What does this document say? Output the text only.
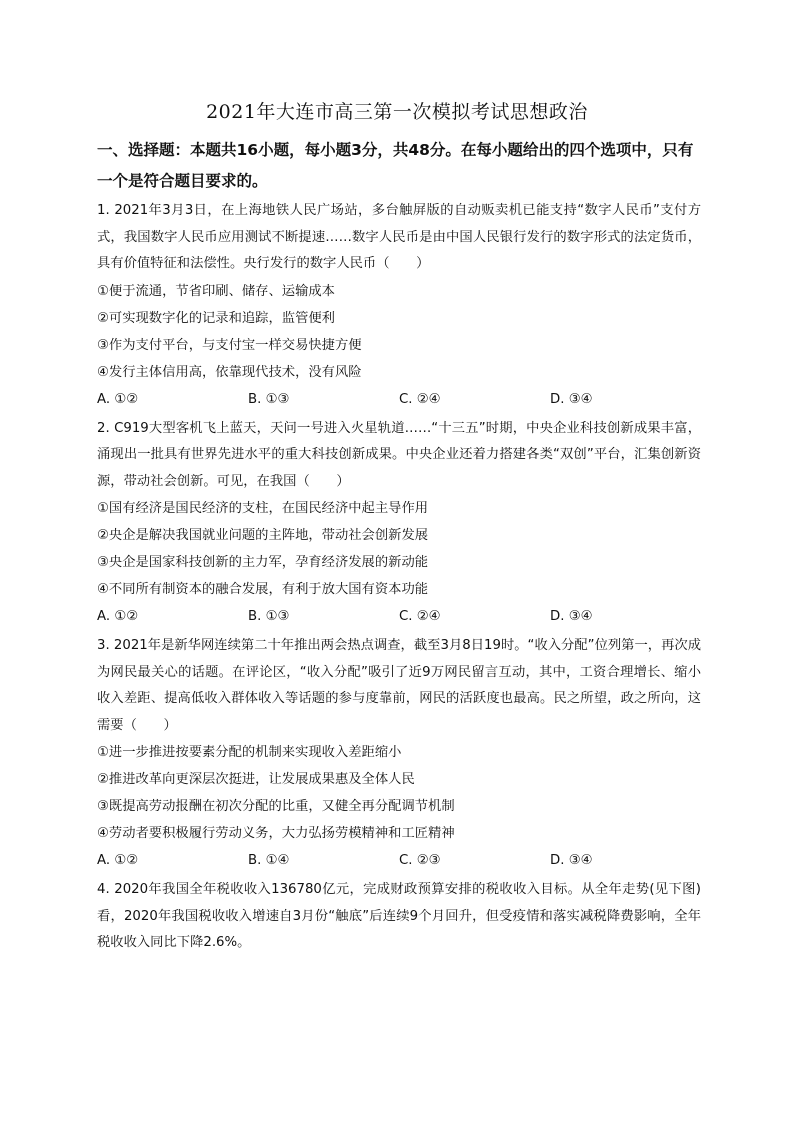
2021年大连市高三第一次模拟考试思想政治
一、选择题：本题共16小题，每小题3分，共48分。在每小题给出的四个选项中，只有一个是符合题目要求的。

1. 2021年3月3日，在上海地铁人民广场站，多台触屏版的自动贩卖机已能支持“数字人民币”支付方式，我国数字人民币应用测试不断提速……数字人民币是由中国人民银行发行的数字形式的法定货币，具有价值特征和法偿性。央行发行的数字人民币（　　）

①便于流通，节省印刷、储存、运输成本

②可实现数字化的记录和追踪，监管便利

③作为支付平台，与支付宝一样交易快捷方便

④发行主体信用高，依靠现代技术，没有风险

A. ①②	B. ①③	C. ②④	D. ③④

2. C919大型客机飞上蓝天，天问一号进入火星轨道……“十三五”时期，中央企业科技创新成果丰富，涌现出一批具有世界先进水平的重大科技创新成果。中央企业还着力搭建各类“双创”平台，汇集创新资源，带动社会创新。可见，在我国（　　）

①国有经济是国民经济的支柱，在国民经济中起主导作用

②央企是解决我国就业问题的主阵地，带动社会创新发展

③央企是国家科技创新的主力军，孕育经济发展的新动能

④不同所有制资本的融合发展，有利于放大国有资本功能

A. ①②	B. ①③	C. ②④	D. ③④

3. 2021年是新华网连续第二十年推出两会热点调查，截至3月8日19时。“收入分配”位列第一，再次成为网民最关心的话题。在评论区，“收入分配”吸引了近9万网民留言互动，其中，工资合理增长、缩小收入差距、提高低收入群体收入等话题的参与度靠前，网民的活跃度也最高。民之所望，政之所向，这需要（　　）

①进一步推进按要素分配的机制来实现收入差距缩小

②推进改革向更深层次挺进，让发展成果惠及全体人民

③既提高劳动报酬在初次分配的比重，又健全再分配调节机制

④劳动者要积极履行劳动义务，大力弘扬劳模精神和工匠精神

A. ①②	B. ①④	C. ②③	D. ③④

4. 2020年我国全年税收收入136780亿元，完成财政预算安排的税收收入目标。从全年走势(见下图)看，2020年我国税收收入增速自3月份“触底”后连续9个月回升，但受疫情和落实减税降费影响，全年税收收入同比下降2.6%。
